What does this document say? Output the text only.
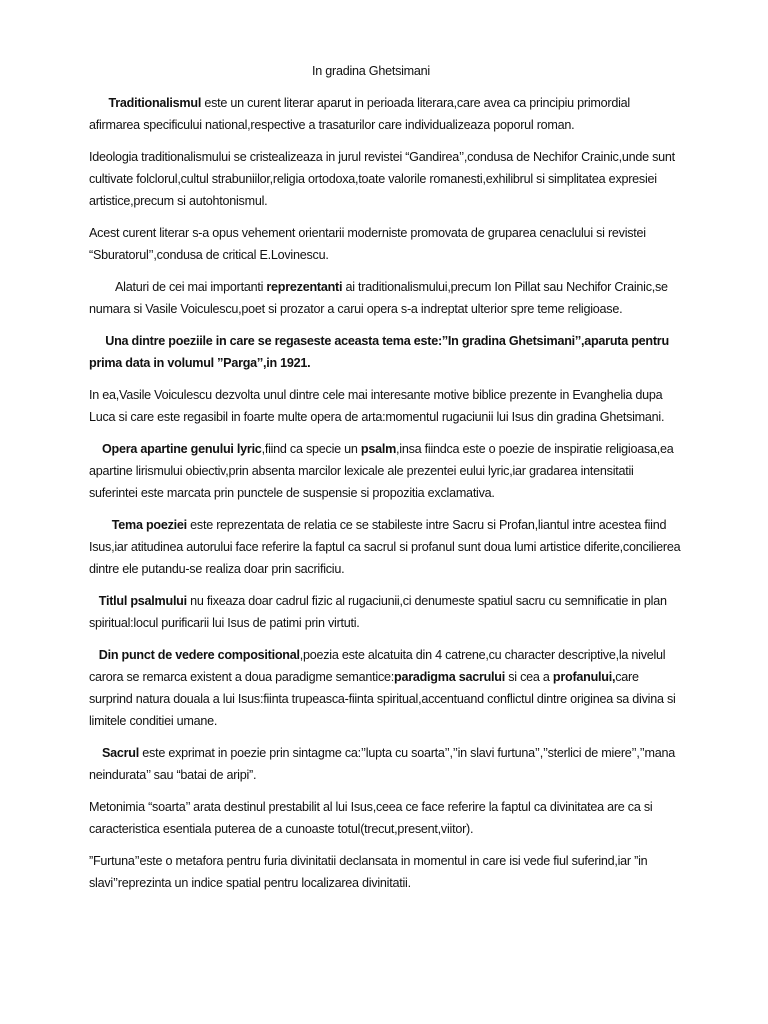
In gradina Ghetsimani

Traditionalismul este un curent literar aparut in perioada literara,care avea ca principiu primordial afirmarea specificului national,respective a trasaturilor care individualizeaza poporul roman.

Ideologia traditionalismului se cristealizeaza in jurul revistei “Gandirea’’,condusa de Nechifor Crainic,unde sunt cultivate folclorul,cultul strabuniilor,religia ortodoxa,toate valorile romanesti,exhilibrul si simplitatea expresiei artistice,precum si autohtonismul.

Acest curent literar s-a opus vehement orientarii moderniste promovata de gruparea cenaclului si revistei “Sburatorul’’,condusa de critical E.Lovinescu.

Alaturi de cei mai importanti reprezentanti ai traditionalismului,precum Ion Pillat sau Nechifor Crainic,se numara si Vasile Voiculescu,poet si prozator a carui opera s-a indreptat ulterior spre teme religioase.

Una dintre poeziile in care se regaseste aceasta tema este:’’In gradina Ghetsimani’’,aparuta pentru prima data in volumul ’’Parga’’,in 1921.

In ea,Vasile Voiculescu dezvolta unul dintre cele mai interesante motive biblice prezente in Evanghelia dupa Luca si care este regasibil in foarte multe opera de arta:momentul rugaciunii lui Isus din gradina Ghetsimani.

Opera apartine genului lyric,fiind ca specie un psalm,insa fiindca este o poezie de inspiratie religioasa,ea apartine lirismului obiectiv,prin absenta marcilor lexicale ale prezentei eului lyric,iar gradarea intensitatii suferintei este marcata prin punctele de suspensie si propozitia exclamativa.

Tema poeziei este reprezentata de relatia ce se stabileste intre Sacru si Profan,liantul intre acestea fiind Isus,iar atitudinea autorului face referire la faptul ca sacrul si profanul sunt doua lumi artistice diferite,concilierea dintre ele putandu-se realiza doar prin sacrificiu.

Titlul psalmului nu fixeaza doar cadrul fizic al rugaciunii,ci denumeste spatiul sacru cu semnificatie in plan spiritual:locul purificarii lui Isus de patimi prin virtuti.

Din punct de vedere compositional,poezia este alcatuita din 4 catrene,cu character descriptive,la nivelul carora se remarca existent a doua paradigme semantice:paradigma sacrului si cea a profanului,care surprind natura douala a lui Isus:fiinta trupeasca-fiinta spiritual,accentuand conflictul dintre originea sa divina si limitele conditiei umane.

Sacrul este exprimat in poezie prin sintagme ca:’’lupta cu soarta’’,’’in slavi furtuna’’,’’sterlici de miere’’,’’mana neindurata’’ sau “batai de aripi”.

Metonimia “soarta’’ arata destinul prestabilit al lui Isus,ceea ce face referire la faptul ca divinitatea are ca si caracteristica esentiala puterea de a cunoaste totul(trecut,present,viitor).

”Furtuna’’este o metafora pentru furia divinitatii declansata in momentul in care isi vede fiul suferind,iar ”in slavi’’reprezinta un indice spatial pentru localizarea divinitatii.
